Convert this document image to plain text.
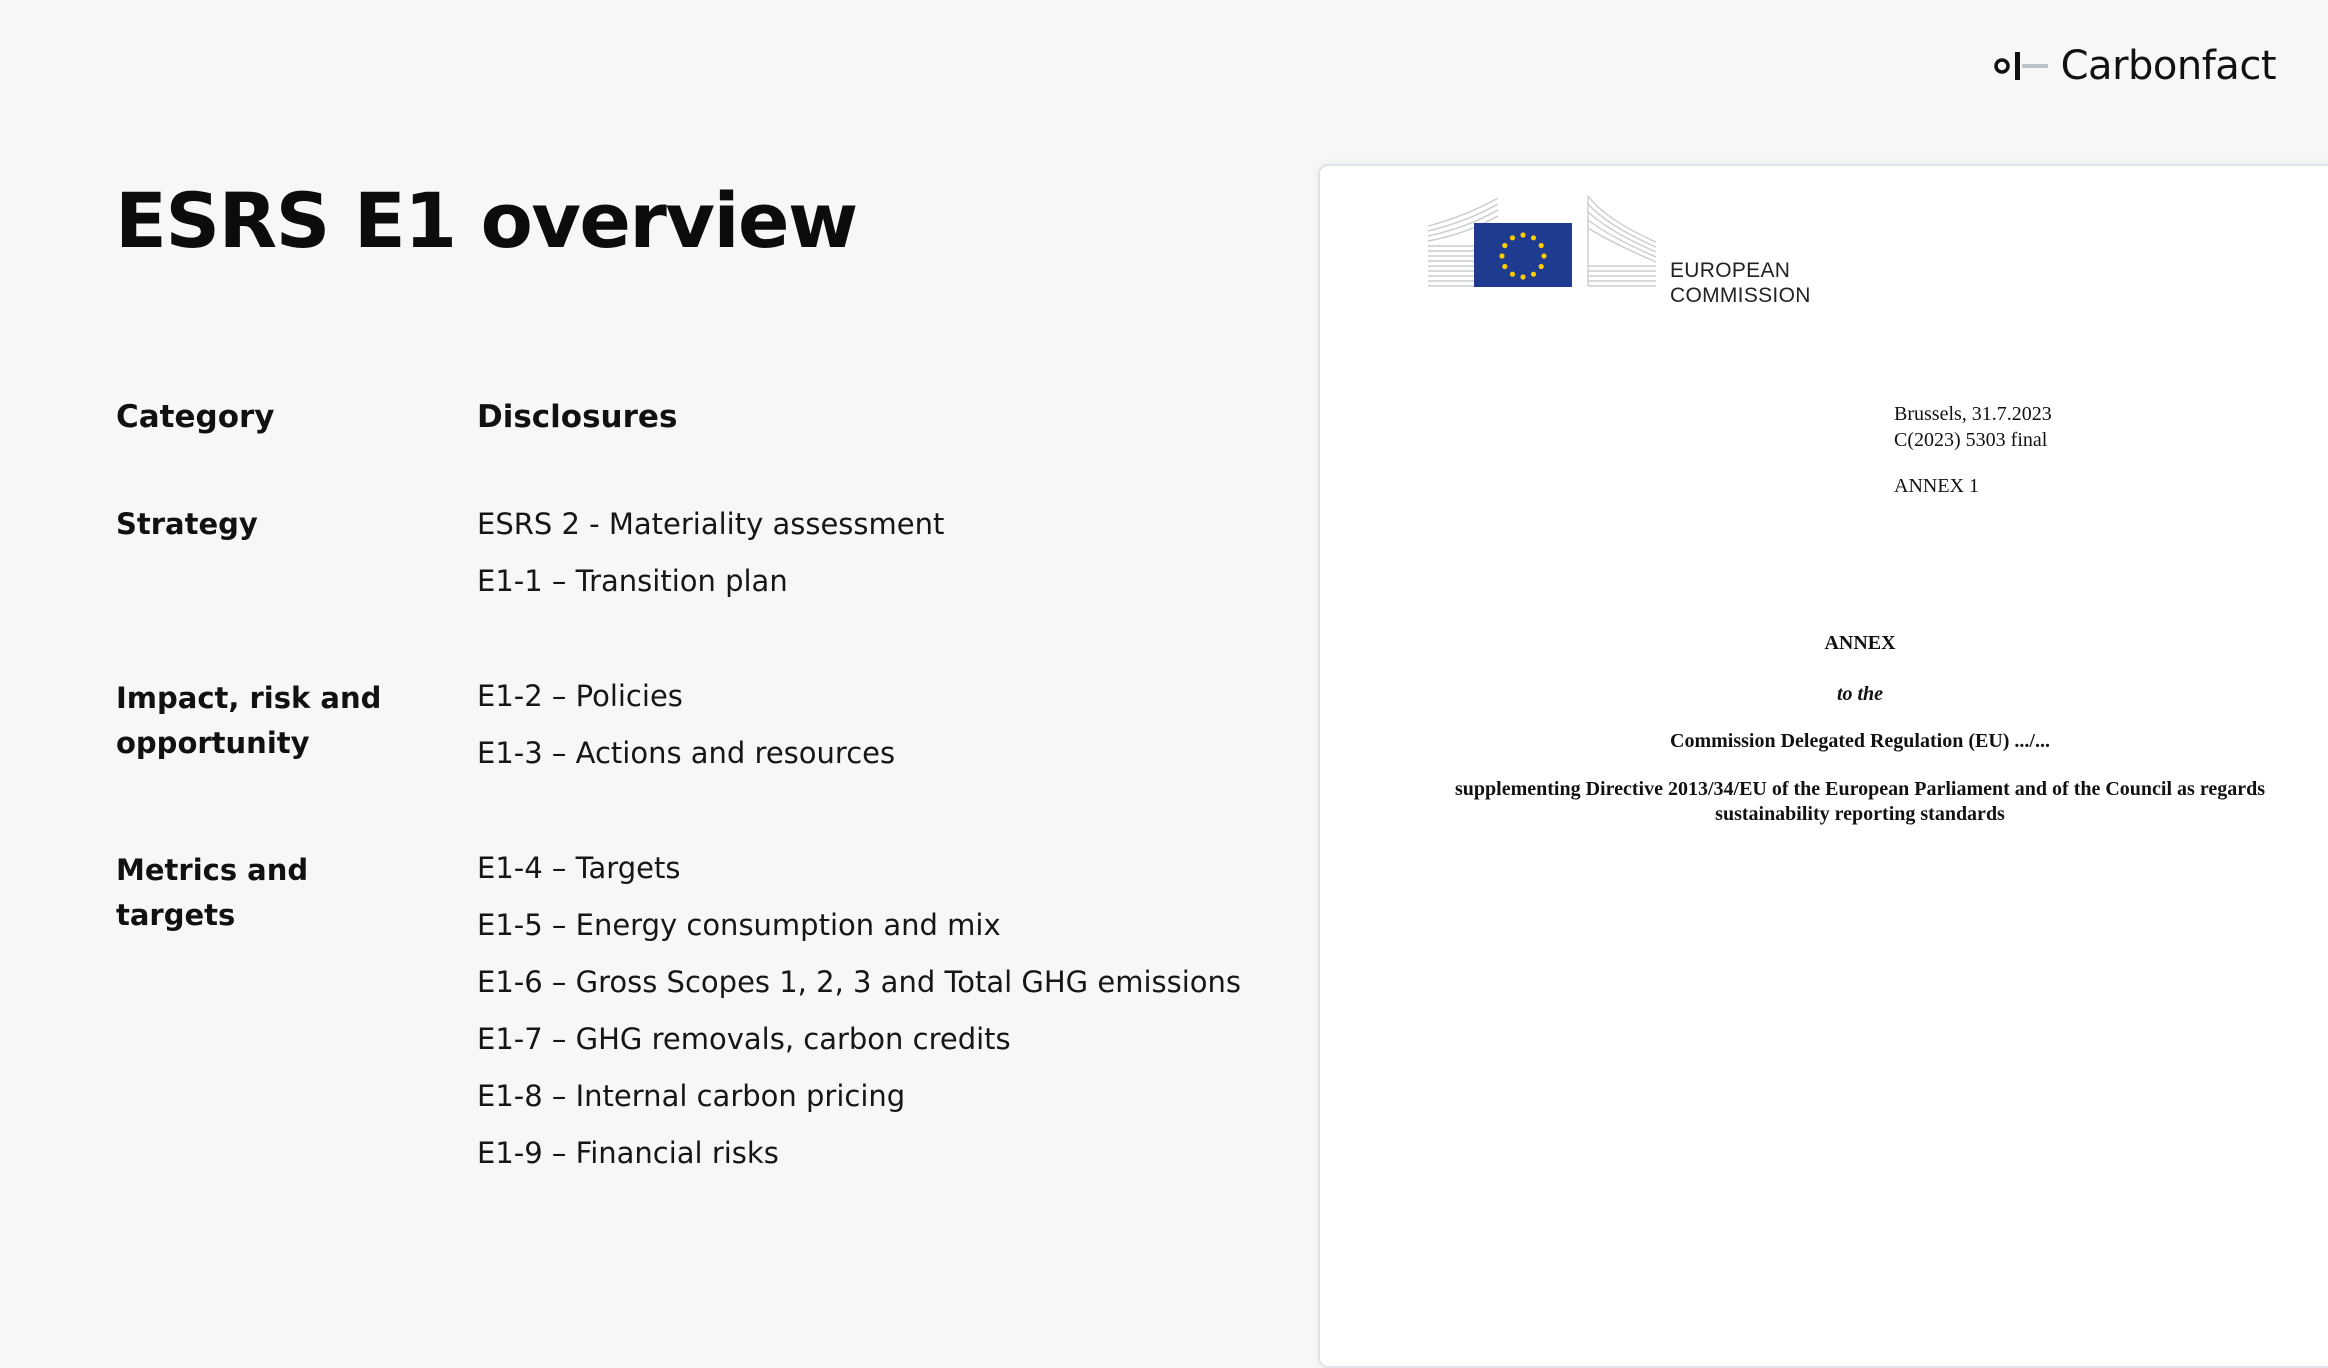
Carbonfact
ESRS E1 overview
Category	Disclosures

Strategy	ESRS 2 - Materiality assessment
E1-1 – Transition plan

Impact, risk and opportunity

E1-2 – Policies
E1-3 – Actions and resources

Metrics and targets

E1-4 – Targets
E1-5 – Energy consumption and mix
E1-6 – Gross Scopes 1, 2, 3 and Total GHG emissions
E1-7 – GHG removals, carbon credits
E1-8 – Internal carbon pricing
E1-9 – Financial risks
EUROPEAN
COMMISSION
Brussels, 31.7.2023
C(2023) 5303 final
ANNEX 1
ANNEX
to the
Commission Delegated Regulation (EU) .../...
supplementing Directive 2013/34/EU of the European Parliament and of the Council as regards sustainability reporting standards
